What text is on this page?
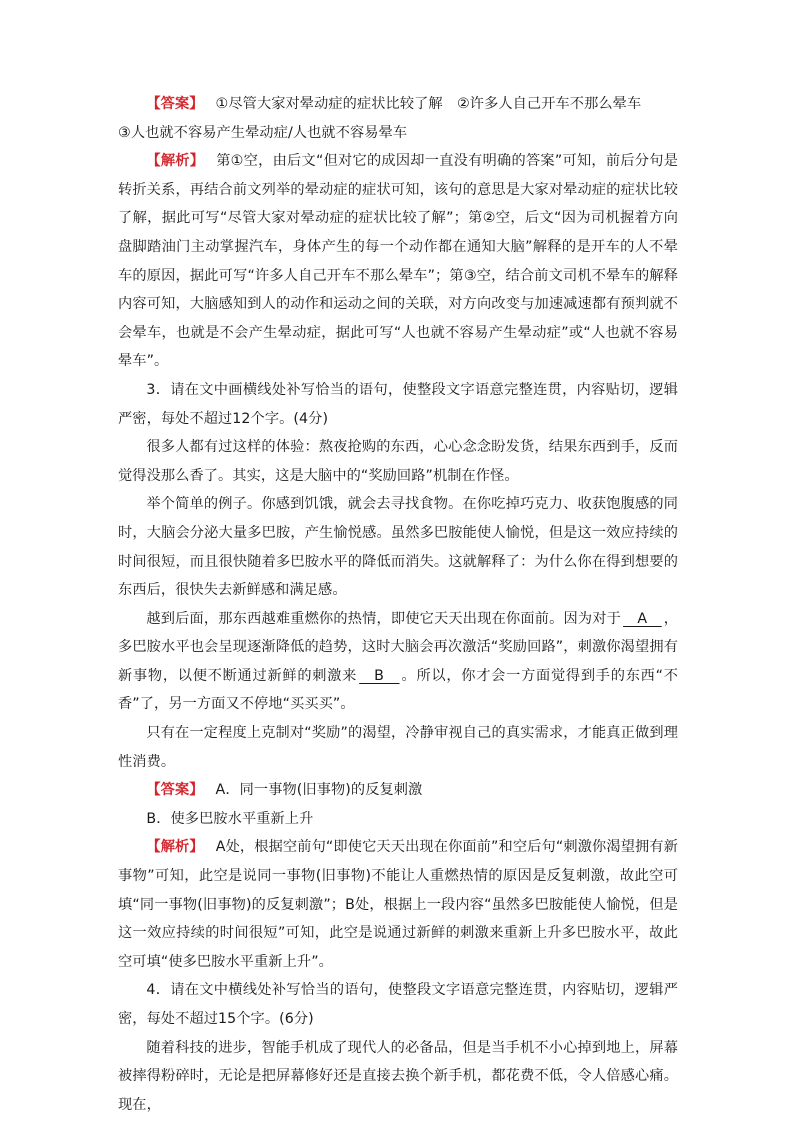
【答案】 ①尽管大家对晕动症的症状比较了解　②许多人自己开车不那么晕车

③人也就不容易产生晕动症/人也就不容易晕车

【解析】 第①空，由后文“但对它的成因却一直没有明确的答案”可知，前后分句是转折关系，再结合前文列举的晕动症的症状可知，该句的意思是大家对晕动症的症状比较了解，据此可写“尽管大家对晕动症的症状比较了解”；第②空，后文“因为司机握着方向盘脚踏油门主动掌握汽车，身体产生的每一个动作都在通知大脑”解释的是开车的人不晕车的原因，据此可写“许多人自己开车不那么晕车”；第③空，结合前文司机不晕车的解释内容可知，大脑感知到人的动作和运动之间的关联，对方向改变与加速减速都有预判就不会晕车，也就是不会产生晕动症，据此可写“人也就不容易产生晕动症”或“人也就不容易晕车”。

3．请在文中画横线处补写恰当的语句，使整段文字语意完整连贯，内容贴切，逻辑严密，每处不超过12个字。(4分)

很多人都有过这样的体验：熬夜抢购的东西，心心念念盼发货，结果东西到手，反而觉得没那么香了。其实，这是大脑中的“奖励回路”机制在作怪。

举个简单的例子。你感到饥饿，就会去寻找食物。在你吃掉巧克力、收获饱腹感的同时，大脑会分泌大量多巴胺，产生愉悦感。虽然多巴胺能使人愉悦，但是这一效应持续的时间很短，而且很快随着多巴胺水平的降低而消失。这就解释了：为什么你在得到想要的东西后，很快失去新鲜感和满足感。

越到后面，那东西越难重燃你的热情，即使它天天出现在你面前。因为对于　A　，多巴胺水平也会呈现逐渐降低的趋势，这时大脑会再次激活“奖励回路”，刺激你渴望拥有新事物，以便不断通过新鲜的刺激来　B　。所以，你才会一方面觉得到手的东西“不香”了，另一方面又不停地“买买买”。

只有在一定程度上克制对“奖励”的渴望，冷静审视自己的真实需求，才能真正做到理性消费。

【答案】 A．同一事物(旧事物)的反复刺激

B．使多巴胺水平重新上升

【解析】 A处，根据空前句“即使它天天出现在你面前”和空后句“刺激你渴望拥有新事物”可知，此空是说同一事物(旧事物)不能让人重燃热情的原因是反复刺激，故此空可填“同一事物(旧事物)的反复刺激”；B处，根据上一段内容“虽然多巴胺能使人愉悦，但是这一效应持续的时间很短”可知，此空是说通过新鲜的刺激来重新上升多巴胺水平，故此空可填“使多巴胺水平重新上升”。

4．请在文中横线处补写恰当的语句，使整段文字语意完整连贯，内容贴切，逻辑严密，每处不超过15个字。(6分)

随着科技的进步，智能手机成了现代人的必备品，但是当手机不小心掉到地上，屏幕被摔得粉碎时，无论是把屏幕修好还是直接去换个新手机，都花费不低，令人倍感心痛。现在，
